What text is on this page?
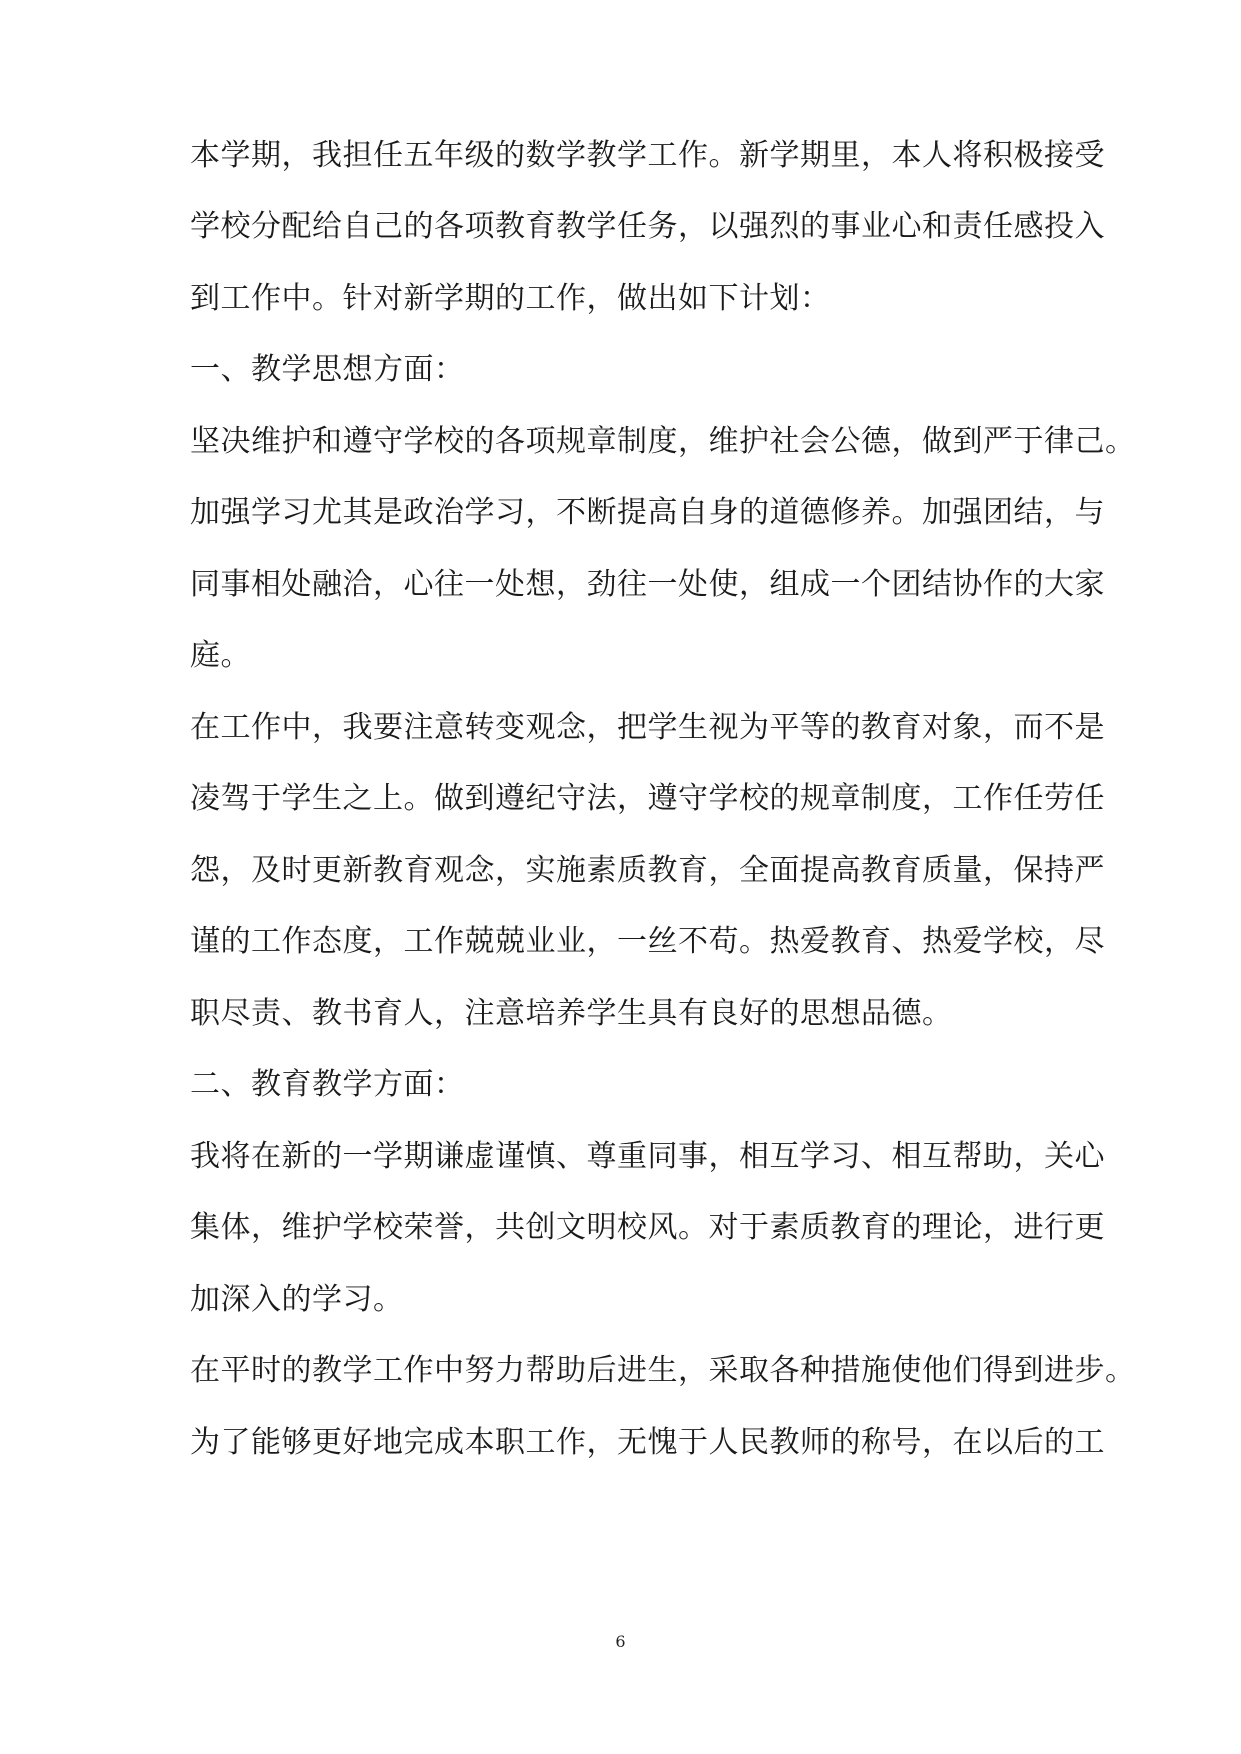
本学期，我担任五年级的数学教学工作。新学期里，本人将积极接受
学校分配给自己的各项教育教学任务，以强烈的事业心和责任感投入
到工作中。针对新学期的工作，做出如下计划：
一、教学思想方面：
坚决维护和遵守学校的各项规章制度，维护社会公德，做到严于律己。
加强学习尤其是政治学习，不断提高自身的道德修养。加强团结，与
同事相处融洽，心往一处想，劲往一处使，组成一个团结协作的大家
庭。
在工作中，我要注意转变观念，把学生视为平等的教育对象，而不是
凌驾于学生之上。做到遵纪守法，遵守学校的规章制度，工作任劳任
怨，及时更新教育观念，实施素质教育，全面提高教育质量，保持严
谨的工作态度，工作兢兢业业，一丝不苟。热爱教育、热爱学校，尽
职尽责、教书育人，注意培养学生具有良好的思想品德。
二、教育教学方面：
我将在新的一学期谦虚谨慎、尊重同事，相互学习、相互帮助，关心
集体，维护学校荣誉，共创文明校风。对于素质教育的理论，进行更
加深入的学习。
在平时的教学工作中努力帮助后进生，采取各种措施使他们得到进步。
为了能够更好地完成本职工作，无愧于人民教师的称号，在以后的工
6
